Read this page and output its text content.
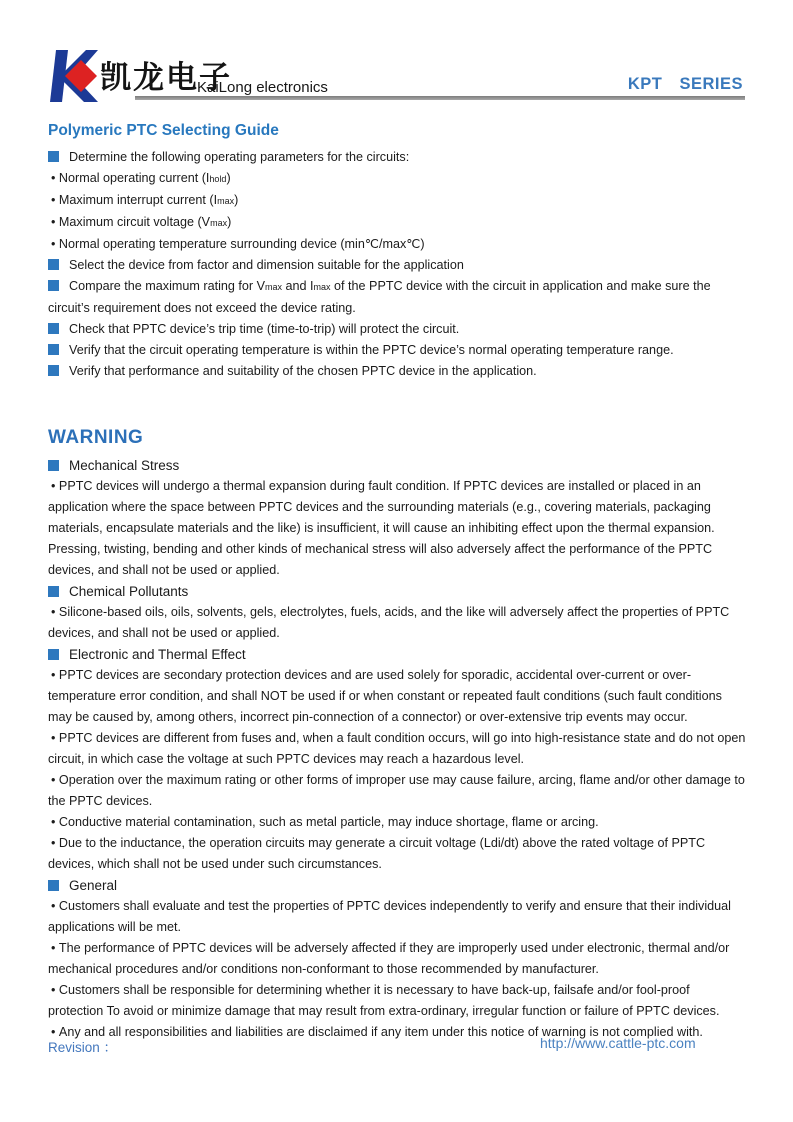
凯龙电子
KaiLong electronics	KPT SERIES
Polymeric PTC Selecting Guide

Determine the following operating parameters for the circuits:

• Normal operating current (Ihold)

• Maximum interrupt current (Imax)

• Maximum circuit voltage (Vmax)

• Normal operating temperature surrounding device (min℃/max℃)

Select the device from factor and dimension suitable for the application

Compare the maximum rating for Vmax and Imax of the PPTC device with the circuit in application and make sure the circuit’s requirement does not exceed the device rating.

Check that PPTC device’s trip time (time-to-trip) will protect the circuit.

Verify that the circuit operating temperature is within the PPTC device’s normal operating temperature range.

Verify that performance and suitability of the chosen PPTC device in the application.

WARNING

Mechanical Stress

• PPTC devices will undergo a thermal expansion during fault condition. If PPTC devices are installed or placed in an application where the space between PPTC devices and the surrounding materials (e.g., covering materials, packaging materials, encapsulate materials and the like) is insufficient, it will cause an inhibiting effect upon the thermal expansion. Pressing, twisting, bending and other kinds of mechanical stress will also adversely affect the performance of the PPTC devices, and shall not be used or applied.

Chemical Pollutants

• Silicone-based oils, oils, solvents, gels, electrolytes, fuels, acids, and the like will adversely affect the properties of PPTC devices, and shall not be used or applied.

Electronic and Thermal Effect

• PPTC devices are secondary protection devices and are used solely for sporadic, accidental over-current or over-temperature error condition, and shall NOT be used if or when constant or repeated fault conditions (such fault conditions may be caused by, among others, incorrect pin-connection of a connector) or over-extensive trip events may occur.

• PPTC devices are different from fuses and, when a fault condition occurs, will go into high-resistance state and do not open circuit, in which case the voltage at such PPTC devices may reach a hazardous level.

• Operation over the maximum rating or other forms of improper use may cause failure, arcing, flame and/or other damage to the PPTC devices.

• Conductive material contamination, such as metal particle, may induce shortage, flame or arcing.

• Due to the inductance, the operation circuits may generate a circuit voltage (Ldi/dt) above the rated voltage of PPTC devices, which shall not be used under such circumstances.

General

• Customers shall evaluate and test the properties of PPTC devices independently to verify and ensure that their individual applications will be met.

• The performance of PPTC devices will be adversely affected if they are improperly used under electronic, thermal and/or mechanical procedures and/or conditions non-conformant to those recommended by manufacturer.

• Customers shall be responsible for determining whether it is necessary to have back-up, failsafe and/or fool-proof protection To avoid or minimize damage that may result from extra-ordinary, irregular function or failure of PPTC devices.

• Any and all responsibilities and liabilities are disclaimed if any item under this notice of warning is not complied with.

Revision ：	http://www.cattle-ptc.com
